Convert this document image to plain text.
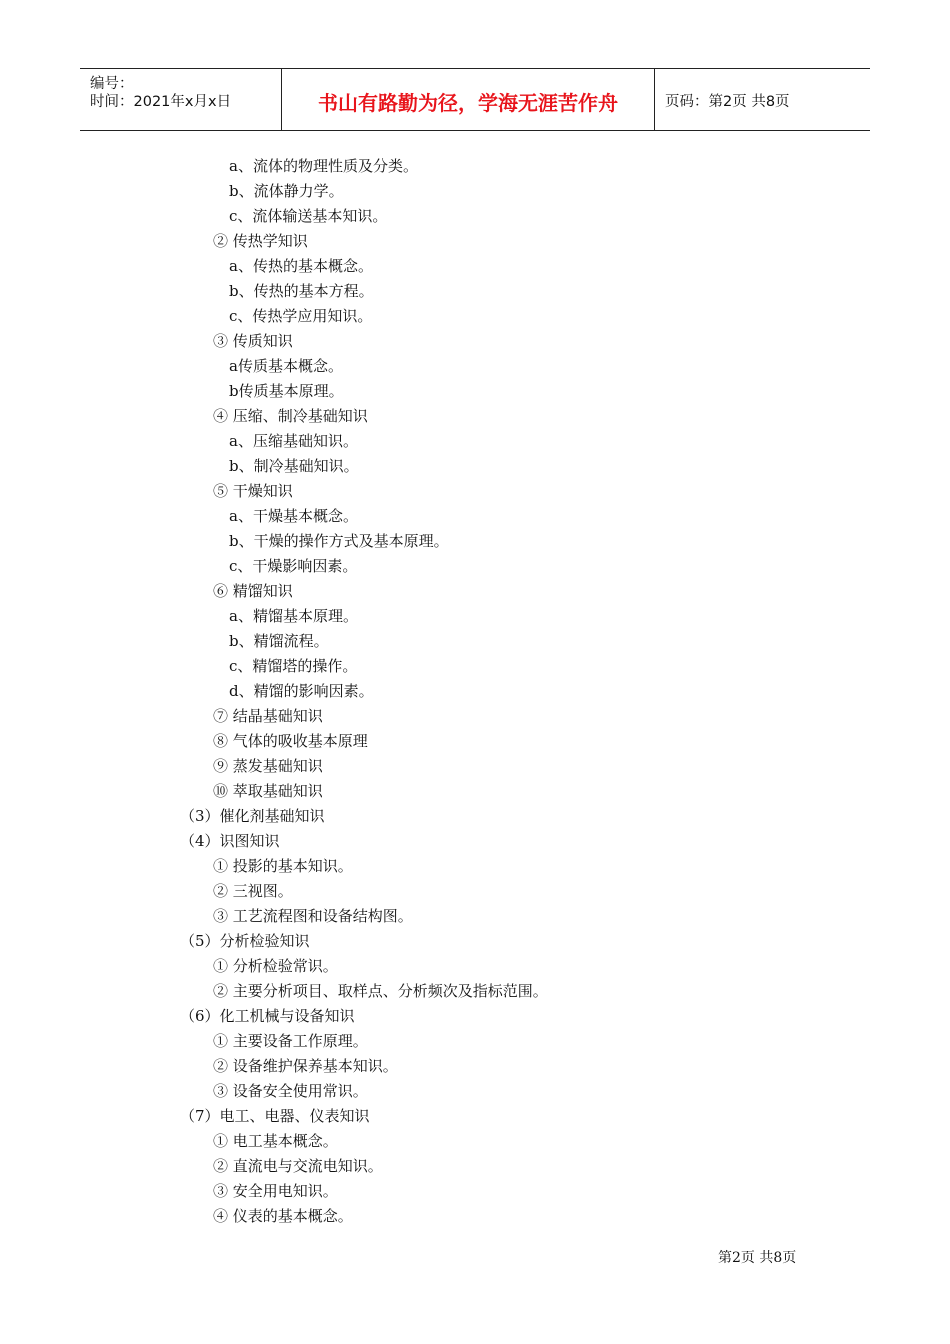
编号：
时间：2021年x月x日	书山有路勤为径，学海无涯苦作舟	页码：第2页 共8页
a、流体的物理性质及分类。
b、流体静力学。
c、流体输送基本知识。
② 传热学知识
a、传热的基本概念。
b、传热的基本方程。
c、传热学应用知识。
③ 传质知识
a传质基本概念。
b传质基本原理。
④ 压缩、制冷基础知识
a、压缩基础知识。
b、制冷基础知识。
⑤ 干燥知识
a、干燥基本概念。
b、干燥的操作方式及基本原理。
c、干燥影响因素。
⑥ 精馏知识
a、精馏基本原理。
b、精馏流程。
c、精馏塔的操作。
d、精馏的影响因素。
⑦ 结晶基础知识
⑧ 气体的吸收基本原理
⑨ 蒸发基础知识
⑩ 萃取基础知识
（3）催化剂基础知识
（4）识图知识
① 投影的基本知识。
② 三视图。
③ 工艺流程图和设备结构图。
（5）分析检验知识
① 分析检验常识。
② 主要分析项目、取样点、分析频次及指标范围。
（6）化工机械与设备知识
① 主要设备工作原理。
② 设备维护保养基本知识。
③ 设备安全使用常识。
（7）电工、电器、仪表知识
① 电工基本概念。
② 直流电与交流电知识。
③ 安全用电知识。
④ 仪表的基本概念。
第2页 共8页
